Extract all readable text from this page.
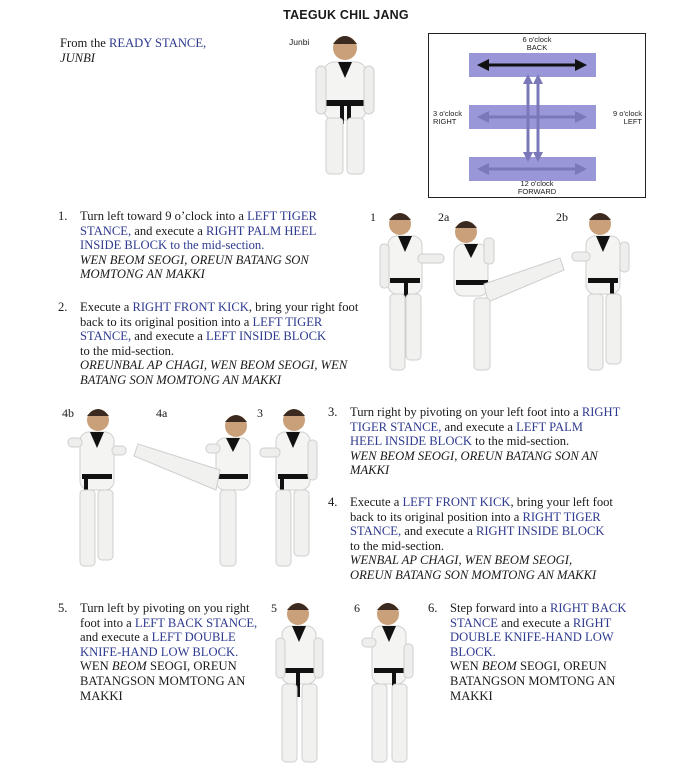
TAEGUK CHIL JANG
From the READY STANCE,
JUNBI
Junbi	6 o'clock
BACK
3 o'clock
RIGHT
9 o'clock
LEFT
12 o'clock
FORWARD
1. Turn left toward 9 o’clock into a LEFT TIGER
STANCE, and execute a RIGHT PALM HEEL
INSIDE BLOCK to the mid-section.
WEN BEOM SEOGI, OREUN BATANG SON
MOMTONG AN MAKKI
2. Execute a RIGHT FRONT KICK, bring your right foot
back to its original position into a LEFT TIGER
STANCE, and execute a LEFT INSIDE BLOCK
to the mid-section.
OREUNBAL AP CHAGI, WEN BEOM SEOGI, WEN
BATANG SON MOMTONG AN MAKKI
1	2a	2b
4b	4a	3	3. Turn right by pivoting on your left foot into a RIGHT
TIGER STANCE, and execute a LEFT PALM
HEEL INSIDE BLOCK to the mid-section.
WEN BEOM SEOGI, OREUN BATANG SON AN
MAKKI
4. Execute a LEFT FRONT KICK, bring your left foot
back to its original position into a RIGHT TIGER
STANCE, and execute a RIGHT INSIDE BLOCK
to the mid-section.
WENBAL AP CHAGI, WEN BEOM SEOGI,
OREUN BATANG SON MOMTONG AN MAKKI
5. Turn left by pivoting on you right
foot into a LEFT BACK STANCE,
and execute a LEFT DOUBLE
KNIFE-HAND LOW BLOCK.
WEN BEOM SEOGI, OREUN
BATANGSON MOMTONG AN
MAKKI
5	6	6. Step forward into a RIGHT BACK
STANCE and execute a RIGHT
DOUBLE KNIFE-HAND LOW
BLOCK.
WEN BEOM SEOGI, OREUN
BATANGSON MOMTONG AN
MAKKI
